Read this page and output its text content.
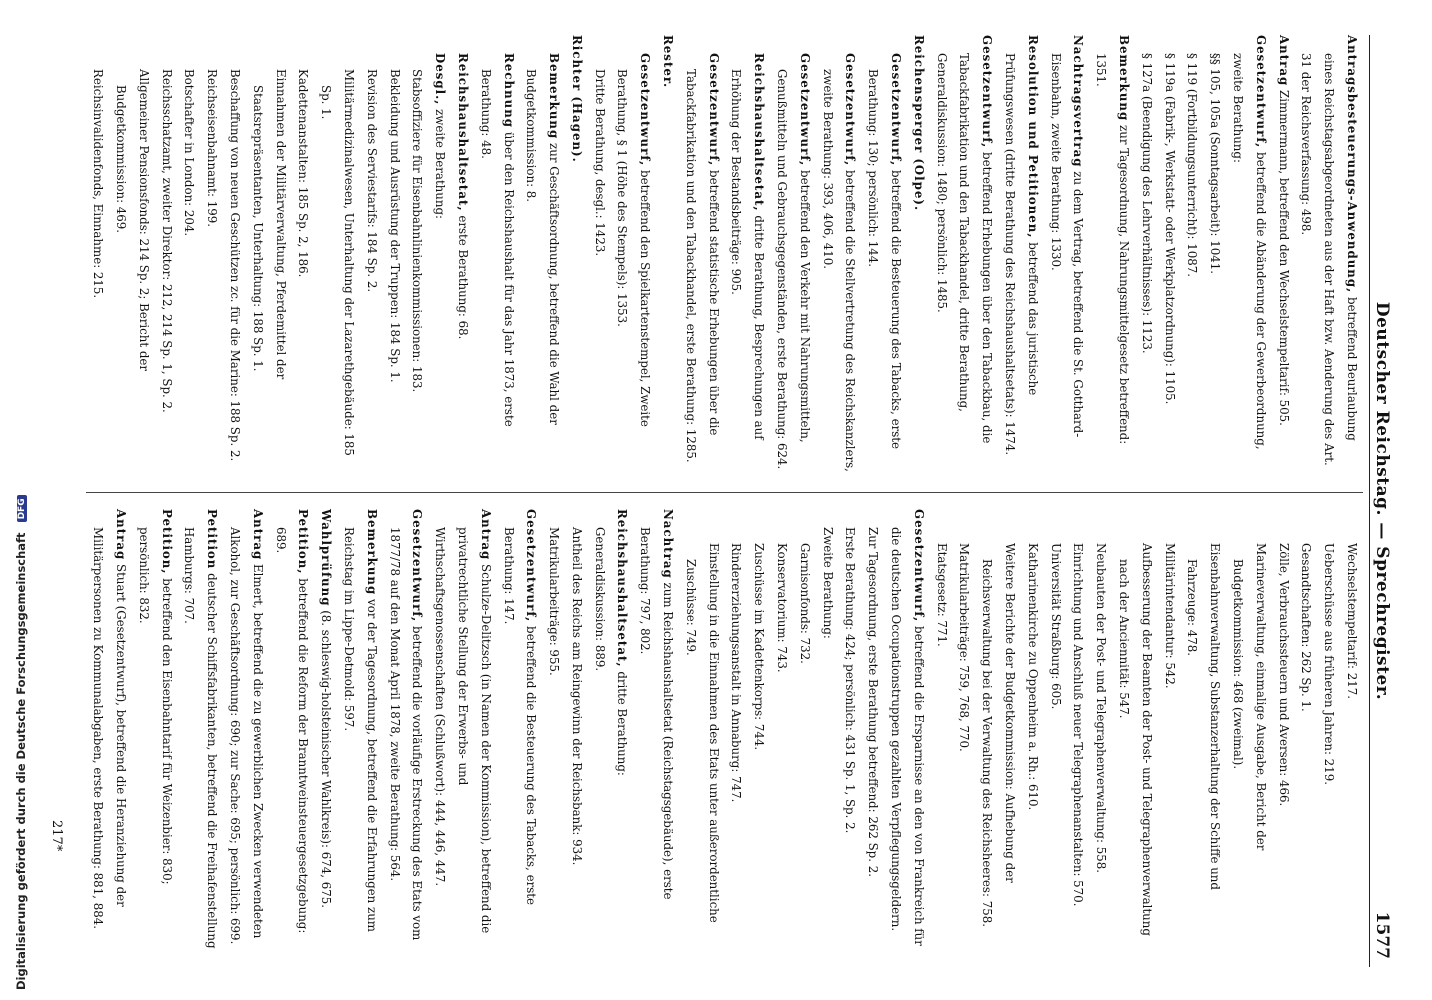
Deutscher Reichstag. — Sprechregister.
1577

Antragsbesteuerungs-Anwendung, betreffend Beurlaubung eines Reichstagsabgeordneten aus der Haft bzw. Aenderung des Art. 31 der Reichsverfassung: 498.

Antrag Zimmermann, betreffend den Wechselstempeltarif: 505.

Gesetzentwurf, betreffend die Abänderung der Gewerbeordnung, zweite Berathung:

§§ 105, 105a (Sonntagsarbeit): 1041.

§ 119 (Fortbildungsunterricht): 1087.

§ 119a (Fabrik-, Werkstatt- oder Werkplatzordnung): 1105.

§ 127a (Beendigung des Lehrverhältnisses): 1123.

Bemerkung zur Tagesordnung, Nahrungsmittelgesetz betreffend: 1351.

Nachtragsvertrag zu dem Vertrag, betreffend die St. Gotthard-Eisenbahn, zweite Berathung: 1330.

Resolution und Petitionen, betreffend das juristische Prüfungswesen (dritte Berathung des Reichshaushaltsetats): 1474.

Gesetzentwurf, betreffend Erhebungen über den Tabackbau, die Tabackfabrikation und den Tabackhandel, dritte Berathung, Generaldiskussion: 1480; persönlich: 1485.

Reichensperger (Olpe).

Gesetzentwurf, betreffend die Besteuerung des Tabacks, erste Berathung: 130; persönlich: 144.

Gesetzentwurf, betreffend die Stellvertretung des Reichskanzlers, zweite Berathung: 393, 406, 410.

Gesetzentwurf, betreffend den Verkehr mit Nahrungsmitteln, Genußmitteln und Gebrauchsgegenständen, erste Berathung: 624.

Reichshaushaltsetat, dritte Berathung, Besprechungen auf Erhöhung der Bestandsbeiträge: 905.

Gesetzentwurf, betreffend statistische Erhebungen über die Tabackfabrikation und den Tabackhandel, erste Berathung: 1285.

Rester.

Gesetzentwurf, betreffend den Spielkartenstempel, Zweite Berathung, § 1 (Höhe des Stempels): 1353.

Dritte Berathung, desgl.: 1423.

Richter (Hagen).

Bemerkung zur Geschäftsordnung, betreffend die Wahl der Budgetkommission: 8.

Rechnung über den Reichshaushalt für das Jahr 1873, erste Berathung: 48.

Reichshaushaltsetat, erste Berathung: 68.

Desgl., zweite Berathung:

Stabsoffiziere für Eisenbahnlinienkommissionen: 183.

Bekleidung und Ausrüstung der Truppen: 184 Sp. 1.

Revision des Serviestarifs: 184 Sp. 2.

Militärmedizinalwesen, Unterhaltung der Lazarethgebäude: 185 Sp. 1.

Kadettenanstalten: 185 Sp. 2, 186.

Einnahmen der Militärverwaltung, Pferdemittel der Staatsrepräsentanten, Unterhaltung: 188 Sp. 1.

Beschaffung von neuen Geschützen zc. für die Marine: 188 Sp. 2.

Reichseisenbahnamt: 199.

Botschafter in London: 204.

Reichsschatzamt, zweiter Direktor: 212, 214 Sp. 1, Sp. 2.

Allgemeiner Pensionsfonds: 214 Sp. 2; Bericht der Budgetkommission: 469.

Reichsinvalidenfonds, Einnahme: 215.

Wechselstempeltarif: 217.

Ueberschüsse aus früheren Jahren: 219.

Gesandtschaften: 262 Sp. 1.

Zölle, Verbrauchssteuern und Aversen: 466.

Marineverwaltung, einmalige Ausgabe, Bericht der Budgetkommission: 468 (zweimal).

Eisenbahnverwaltung, Substanzerhaltung der Schiffe und Fahrzeuge: 478.

Militärintendantur: 542.

Aufbesserung der Beamten der Post- und Telegraphenverwaltung nach der Anciennität: 547.

Neubauten der Post- und Telegraphenverwaltung: 558.

Einrichtung und Anschluß neuer Telegraphenanstalten: 570.

Universität Straßburg: 605.

Katharinenkirche zu Oppenheim a. Rh.: 610.

Weitere Berichte der Budgetkommission: Aufhebung der Reichsverwaltung bei der Verwaltung des Reichsheeres: 758.

Matrikularbeiträge: 759, 768, 770.

Etatsgesetz: 771.

Gesetzentwurf, betreffend die Ersparnisse an den von Frankreich für die deutschen Occupationstruppen gezahlten Verpflegungsgeldern.

Zur Tagesordnung, erste Berathung betreffend: 262 Sp. 2.

Erste Berathung: 424; persönlich: 431 Sp. 1, Sp. 2.

Zweite Berathung:

Garnisonfonds: 732.

Konservatorium: 743.

Zuschüsse im Kadettenkorps: 744.

Rindererziehungsanstalt in Annaburg: 747.

Einstellung in die Einnahmen des Etats unter außerordentliche Zuschüsse: 749.

Nachtrag zum Reichshaushaltsetat (Reichstagsgebäude), erste Berathung: 797, 802.

Reichshaushaltsetat, dritte Berathung:

Generaldiskussion: 889.

Antheil des Reichs am Reingewinn der Reichsbank: 934.

Matrikularbeiträge: 955.

Gesetzentwurf, betreffend die Besteuerung des Tabacks, erste Berathung: 147.

Antrag Schulze-Delitzsch (in Namen der Kommission), betreffend die privatrechtliche Stellung der Erwerbs- und Wirthschaftsgenossenschaften (Schlußwort): 444, 446, 447.

Gesetzentwurf, betreffend die vorläufige Erstreckung des Etats vom 1877/78 auf den Monat April 1878, zweite Berathung: 564.

Bemerkung vor der Tagesordnung, betreffend die Erfahrungen zum Reichstag im Lippe-Detmold: 597.

Wahlprüfung (8. schleswig-holsteinischer Wahlkreis): 674, 675.

Petition, betreffend die Reform der Branntweinsteuergesetzgebung: 689.

Antrag Elmert, betreffend die zu gewerblichen Zwecken verwendeten Alkohol, zur Geschäftsordnung: 690; zur Sache: 695; persönlich: 699.

Petition deutscher Schiffsfabrikanten, betreffend die Freihafenstellung Hamburgs: 707.

Petition, betreffend den Eisenbahntarif für Weizenbier: 830; persönlich: 832.

Antrag Stuart (Gesetzentwurf), betreffend die Heranziehung der Militärpersonen zu Kommunalabgaben, erste Berathung: 881, 884.

217*
Digitalisierung gefördert durch die Deutsche Forschungsgemeinschaft DFG
